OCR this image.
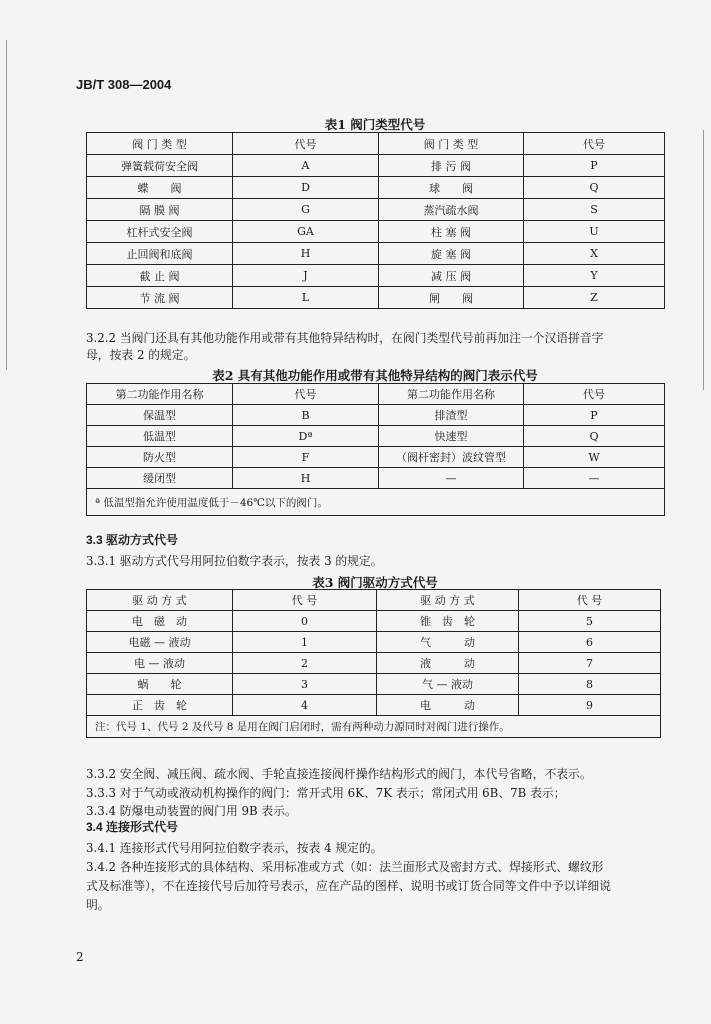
JB/T 308—2004
表1 阀门类型代号
阀 门 类 型	代号	阀 门 类 型	代号
弹簧载荷安全阀	A	排 污 阀	P
蝶　　阀	D	球　　阀	Q
隔 膜 阀	G	蒸汽疏水阀	S
杠杆式安全阀	GA	柱 塞 阀	U
止回阀和底阀	H	旋 塞 阀	X
截 止 阀	J	减 压 阀	Y
节 流 阀	L	闸　　阀	Z
3.2.2 当阀门还具有其他功能作用或带有其他特异结构时，在阀门类型代号前再加注一个汉语拼音字
母，按表 2 的规定。
表2 具有其他功能作用或带有其他特异结构的阀门表示代号
第二功能作用名称	代号	第二功能作用名称	代号
保温型	B	排渣型	P
低温型	Dª	快速型	Q
防火型	F	（阀杆密封）波纹管型	W
缓闭型	H	—	—
ª 低温型指允许使用温度低于－46℃以下的阀门。			
3.3 驱动方式代号
3.3.1 驱动方式代号用阿拉伯数字表示，按表 3 的规定。
表3 阀门驱动方式代号
驱 动 方 式	代 号	驱 动 方 式	代 号
电　磁　动	0	锥　齿　轮	5
电磁 — 液动	1	气　　　动	6
电 — 液动	2	液　　　动	7
蜗　　轮	3	气 — 液动	8
正　齿　轮	4	电　　　动	9
注：代号 1、代号 2 及代号 8 是用在阀门启闭时，需有两种动力源同时对阀门进行操作。			
3.3.2 安全阀、减压阀、疏水阀、手轮直接连接阀杆操作结构形式的阀门，本代号省略，不表示。
3.3.3 对于气动或液动机构操作的阀门：常开式用 6K、7K 表示；常闭式用 6B、7B 表示；
3.3.4 防爆电动装置的阀门用 9B 表示。
3.4 连接形式代号
3.4.1 连接形式代号用阿拉伯数字表示，按表 4 规定的。
3.4.2 各种连接形式的具体结构、采用标准或方式（如：法兰面形式及密封方式、焊接形式、螺纹形
式及标准等），不在连接代号后加符号表示，应在产品的图样、说明书或订货合同等文件中予以详细说
明。
2
